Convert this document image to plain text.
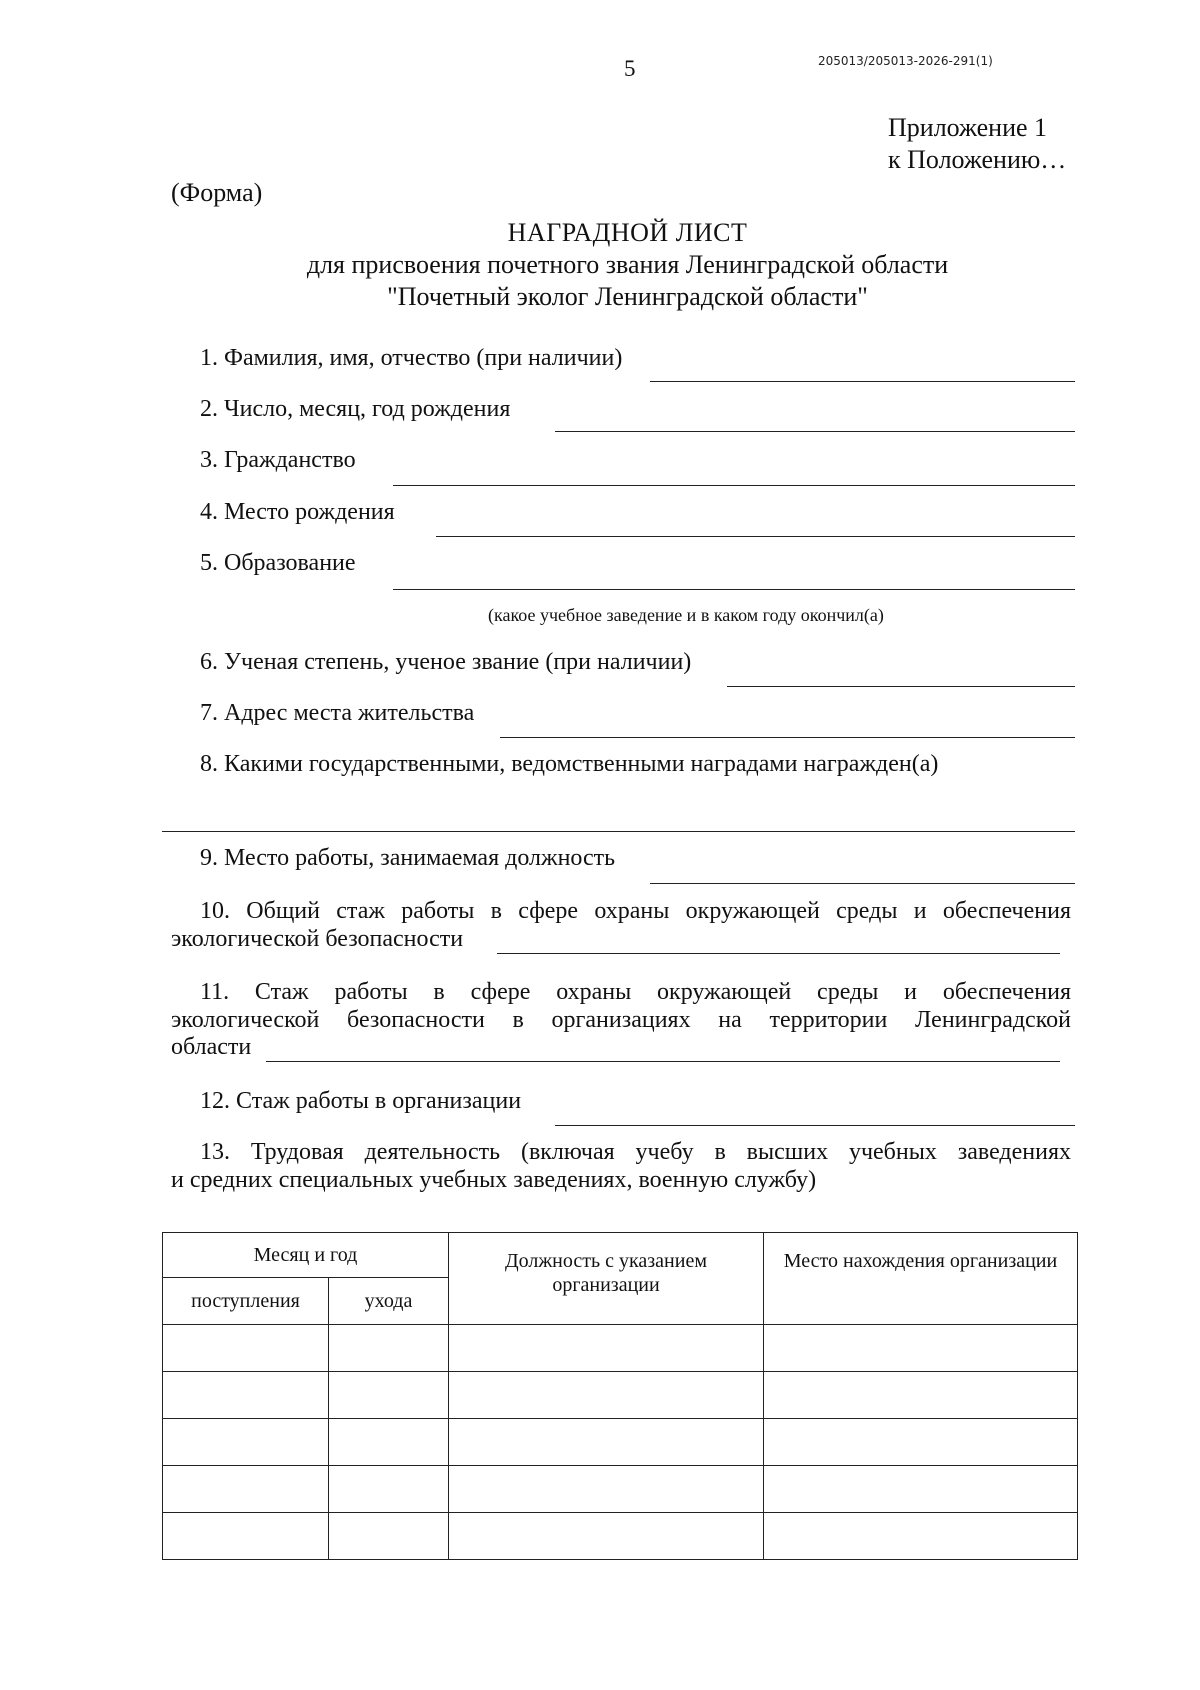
205013/205013-2026-291(1)
5
Приложение 1
к Положению…
(Форма)
НАГРАДНОЙ ЛИСТ
для присвоения почетного звания Ленинградской области
"Почетный эколог Ленинградской области"
1. Фамилия, имя, отчество (при наличии)
2. Число, месяц, год рождения
3. Гражданство
4. Место рождения
5. Образование
(какое учебное заведение и в каком году окончил(а)
6. Ученая степень, ученое звание (при наличии)
7. Адрес места жительства
8. Какими государственными, ведомственными наградами награжден(а)
9. Место работы, занимаемая должность
10. Общий стаж работы в сфере охраны окружающей среды и обеспечения
экологической безопасности
11. Стаж работы в сфере охраны окружающей среды и обеспечения
экологической безопасности в организациях на территории Ленинградской
области
12. Стаж работы в организации
13. Трудовая деятельность (включая учебу в высших учебных заведениях
и средних специальных учебных заведениях, военную службу)
Месяц и год		Должность с указанием организации	Место нахождения организации
поступления	ухода		
